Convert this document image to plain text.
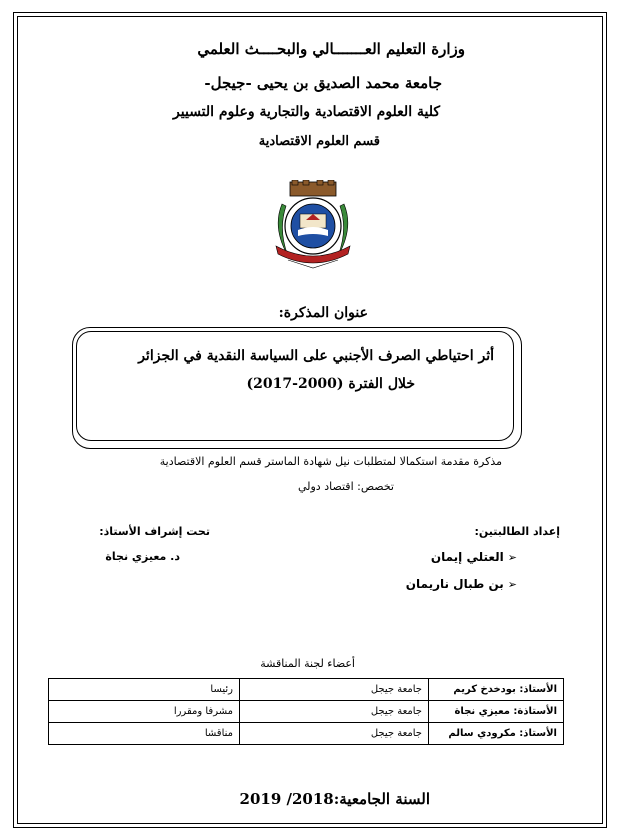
وزارة التعليم العـــــــالي والبحــــث العلمي
جامعة محمد الصديق بن يحيى -جيجل-
كلية العلوم الاقتصادية والتجارية وعلوم التسيير
قسم العلوم الاقتصادية
عنوان المذكرة:
أثر احتياطي الصرف الأجنبي على السياسة النقدية في الجزائر
خلال الفترة (2000-2017)
مذكرة مقدمة استكمالا لمتطلبات نيل شهادة الماستر قسم العلوم الاقتصادية
تخصص: اقتصاد دولي
إعداد الطالبتين:
تحت إشراف الأستاذ:
➢العتلي إيمان
➢بن طبال ناريمان
د. معيزي نجاة
أعضاء لجنة المناقشة
الأستاذ: بودخدخ كريم	جامعة جيجل	رئيسا
الأستاذة: معيزي نجاة	جامعة جيجل	مشرفا ومقررا
الأستاذ: مكرودي سالم	جامعة جيجل	مناقشا
السنة الجامعية:2018/ 2019
